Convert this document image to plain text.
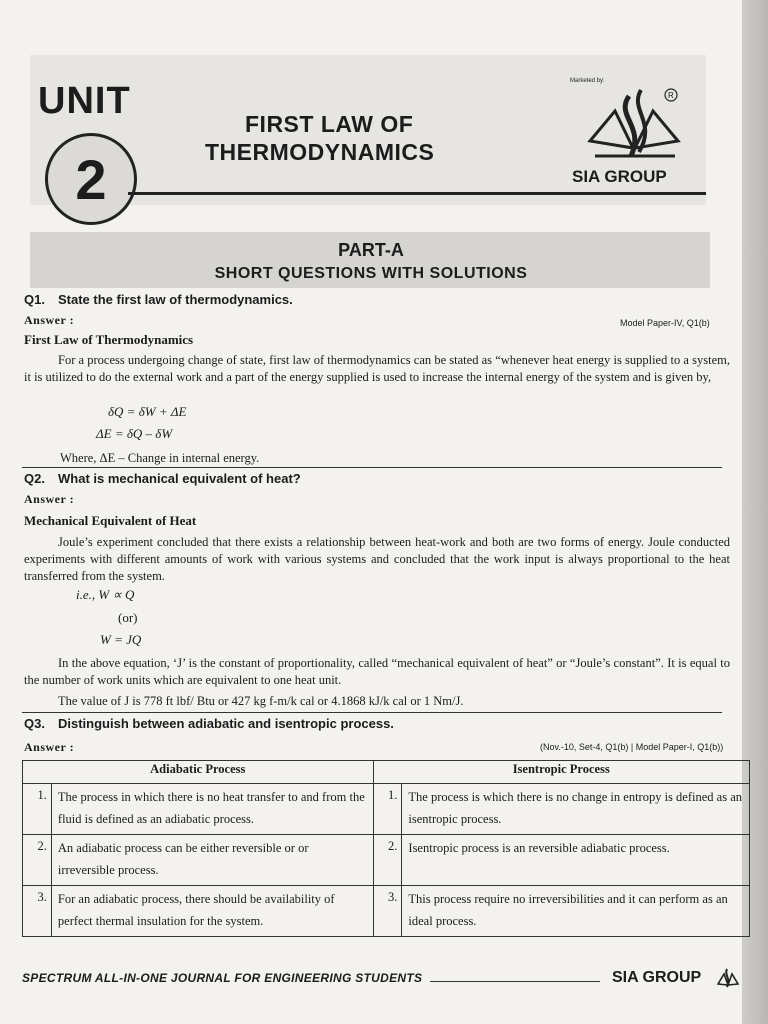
UNIT
2
FIRST LAW OF
THERMODYNAMICS
Marketed by:
R
SIA GROUP
PART-A
SHORT QUESTIONS WITH SOLUTIONS
Q1. State the first law of thermodynamics.
Answer :	Model Paper-IV, Q1(b)
First Law of Thermodynamics
For a process undergoing change of state, first law of thermodynamics can be stated as “whenever heat energy is supplied to a system, it is utilized to do the external work and a part of the energy supplied is used to increase the internal energy of the system and is given by,
δQ = δW + ΔE
ΔE = δQ – δW
Where, ΔE – Change in internal energy.
Q2. What is mechanical equivalent of heat?
Answer :
Mechanical Equivalent of Heat
Joule’s experiment concluded that there exists a relationship between heat-work and both are two forms of energy. Joule conducted experiments with different amounts of work with various systems and concluded that the work input is always proportional to the heat transferred from the system.
i.e., W ∝ Q
(or)
W = JQ
In the above equation, ‘J’ is the constant of proportionality, called “mechanical equivalent of heat” or “Joule’s constant”. It is equal to the number of work units which are equivalent to one heat unit.
The value of J is 778 ft lbf/ Btu or 427 kg f-m/k cal or 4.1868 kJ/k cal or 1 Nm/J.
Q3. Distinguish between adiabatic and isentropic process.
Answer :	(Nov.-10, Set-4, Q1(b) | Model Paper-I, Q1(b))
Adiabatic Process		Isentropic Process	
1.	The process in which there is no heat transfer to and from the fluid is defined as an adiabatic process.	1.	The process is which there is no change in entropy is defined as an isentropic process.
2.	An adiabatic process can be either reversible or or irreversible process.	2.	Isentropic process is an reversible adiabatic process.
3.	For an adiabatic process, there should be availability of perfect thermal insulation for the system.	3.	This process require no irreversibilities and it can perform as an ideal process.
SPECTRUM ALL-IN-ONE JOURNAL FOR ENGINEERING STUDENTS	SIA GROUP
